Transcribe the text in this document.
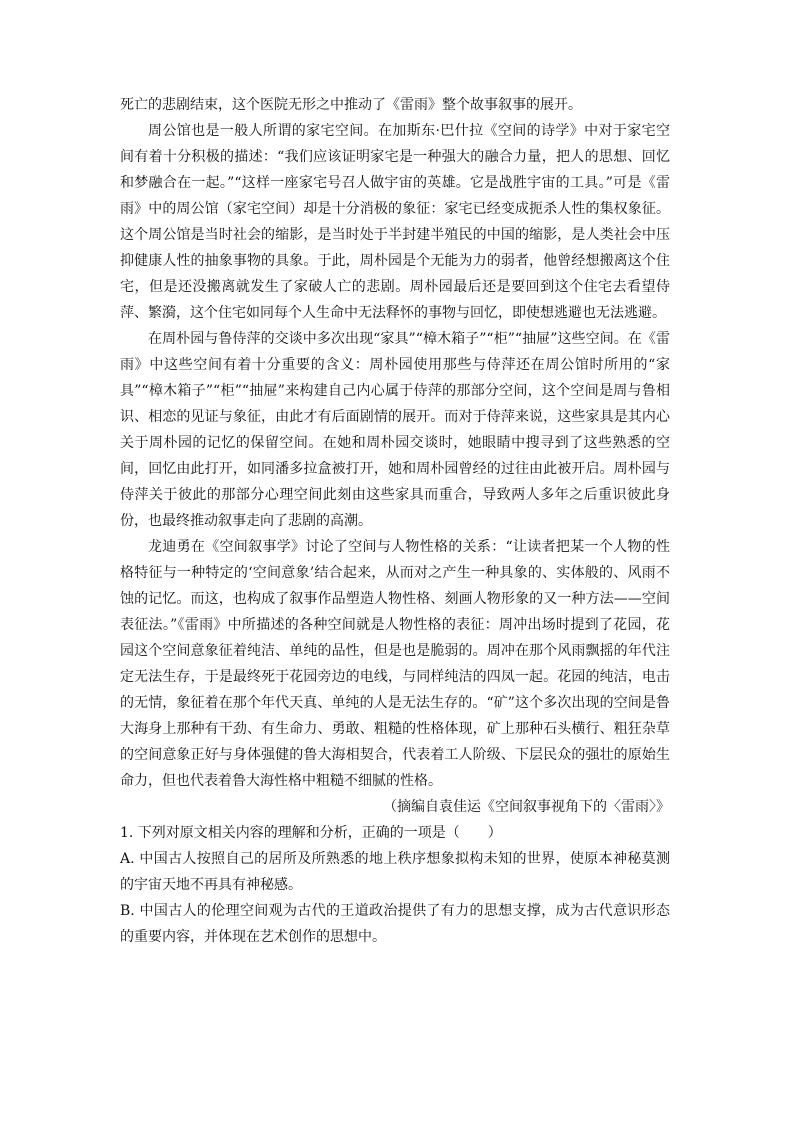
死亡的悲剧结束，这个医院无形之中推动了《雷雨》整个故事叙事的展开。

周公馆也是一般人所谓的家宅空间。在加斯东·巴什拉《空间的诗学》中对于家宅空间有着十分积极的描述：“我们应该证明家宅是一种强大的融合力量，把人的思想、回忆和梦融合在一起。”“这样一座家宅号召人做宇宙的英雄。它是战胜宇宙的工具。”可是《雷雨》中的周公馆（家宅空间）却是十分消极的象征：家宅已经变成扼杀人性的集权象征。这个周公馆是当时社会的缩影，是当时处于半封建半殖民的中国的缩影，是人类社会中压抑健康人性的抽象事物的具象。于此，周朴园是个无能为力的弱者，他曾经想搬离这个住宅，但是还没搬离就发生了家破人亡的悲剧。周朴园最后还是要回到这个住宅去看望侍萍、繁漪，这个住宅如同每个人生命中无法释怀的事物与回忆，即使想逃避也无法逃避。

在周朴园与鲁侍萍的交谈中多次出现“家具”“樟木箱子”“柜”“抽屉”这些空间。在《雷雨》中这些空间有着十分重要的含义：周朴园使用那些与侍萍还在周公馆时所用的“家具”“樟木箱子”“柜”“抽屉”来构建自己内心属于侍萍的那部分空间，这个空间是周与鲁相识、相恋的见证与象征，由此才有后面剧情的展开。而对于侍萍来说，这些家具是其内心关于周朴园的记忆的保留空间。在她和周朴园交谈时，她眼睛中搜寻到了这些熟悉的空间，回忆由此打开，如同潘多拉盒被打开，她和周朴园曾经的过往由此被开启。周朴园与侍萍关于彼此的那部分心理空间此刻由这些家具而重合，导致两人多年之后重识彼此身份，也最终推动叙事走向了悲剧的高潮。

龙迪勇在《空间叙事学》讨论了空间与人物性格的关系：“让读者把某一个人物的性格特征与一种特定的‘空间意象’结合起来，从而对之产生一种具象的、实体般的、风雨不蚀的记忆。而这，也构成了叙事作品塑造人物性格、刻画人物形象的又一种方法——空间表征法。”《雷雨》中所描述的各种空间就是人物性格的表征：周冲出场时提到了花园，花园这个空间意象征着纯洁、单纯的品性，但是也是脆弱的。周冲在那个风雨飘摇的年代注定无法生存，于是最终死于花园旁边的电线，与同样纯洁的四凤一起。花园的纯洁，电击的无情，象征着在那个年代天真、单纯的人是无法生存的。“矿”这个多次出现的空间是鲁大海身上那种有干劲、有生命力、勇敢、粗糙的性格体现，矿上那种石头横行、粗狂杂草的空间意象正好与身体强健的鲁大海相契合，代表着工人阶级、下层民众的强壮的原始生命力，但也代表着鲁大海性格中粗糙不细腻的性格。

（摘编自袁佳运《空间叙事视角下的〈雷雨〉》

1. 下列对原文相关内容的理解和分析，正确的一项是（　　）

A. 中国古人按照自己的居所及所熟悉的地上秩序想象拟构未知的世界，使原本神秘莫测的宇宙天地不再具有神秘感。

B. 中国古人的伦理空间观为古代的王道政治提供了有力的思想支撑，成为古代意识形态的重要内容，并体现在艺术创作的思想中。
